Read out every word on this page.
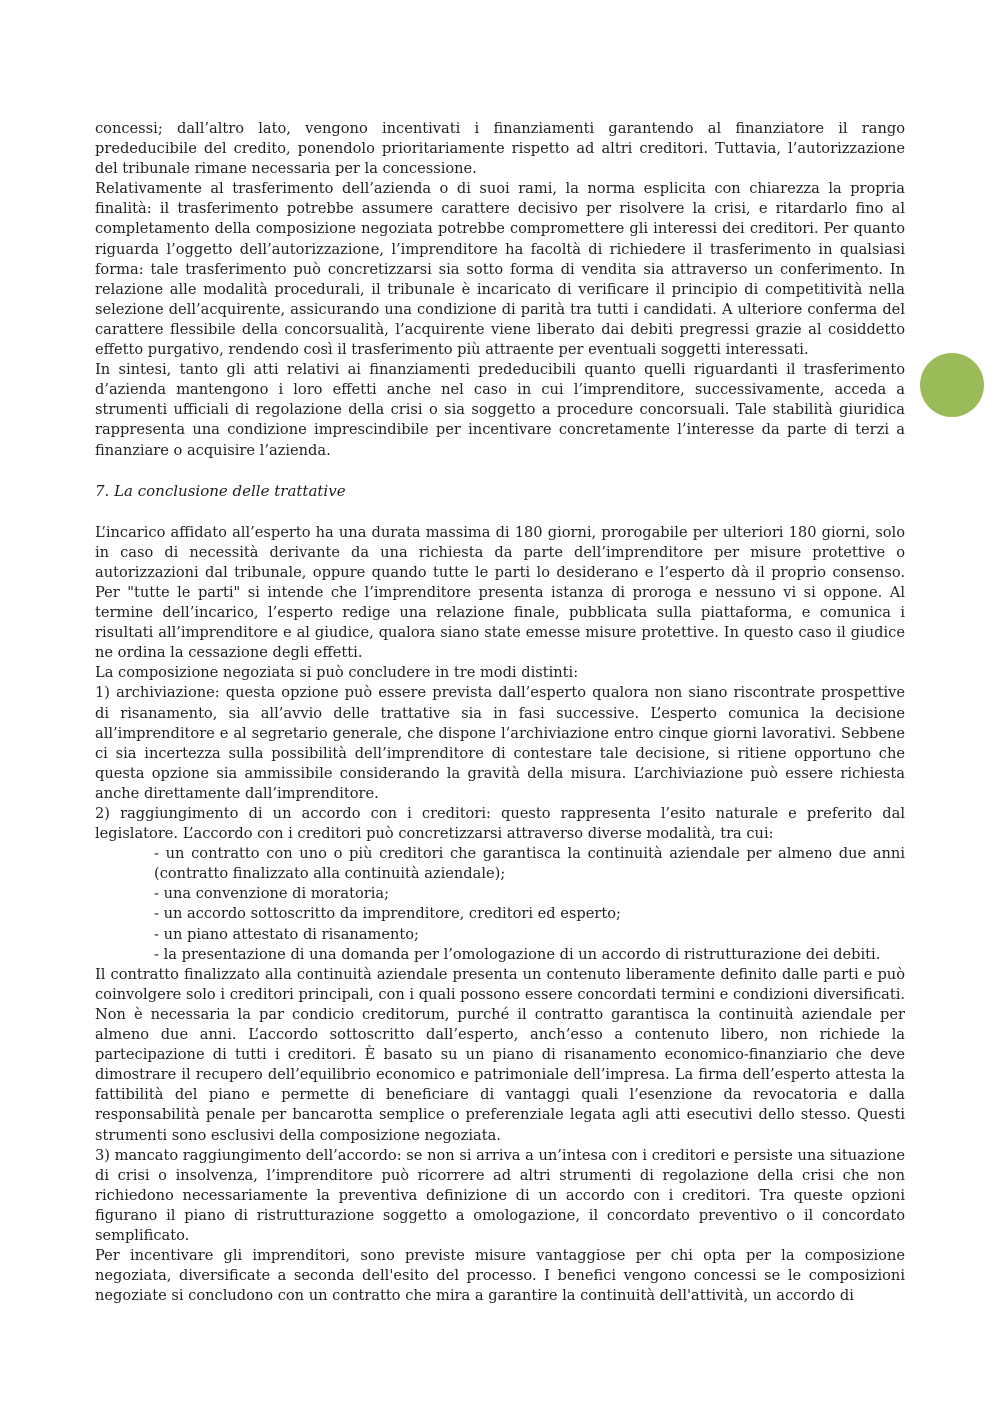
concessi; dall’altro lato, vengono incentivati i finanziamenti garantendo al finanziatore il rango prededucibile del credito, ponendolo prioritariamente rispetto ad altri creditori. Tuttavia, l’autorizzazione del tribunale rimane necessaria per la concessione.

Relativamente al trasferimento dell’azienda o di suoi rami, la norma esplicita con chiarezza la propria finalità: il trasferimento potrebbe assumere carattere decisivo per risolvere la crisi, e ritardarlo fino al completamento della composizione negoziata potrebbe compromettere gli interessi dei creditori. Per quanto riguarda l’oggetto dell’autorizzazione, l’imprenditore ha facoltà di richiedere il trasferimento in qualsiasi forma: tale trasferimento può concretizzarsi sia sotto forma di vendita sia attraverso un conferimento. In relazione alle modalità procedurali, il tribunale è incaricato di verificare il principio di competitività nella selezione dell’acquirente, assicurando una condizione di parità tra tutti i candidati. A ulteriore conferma del carattere flessibile della concorsualità, l’acquirente viene liberato dai debiti pregressi grazie al cosiddetto effetto purgativo, rendendo così il trasferimento più attraente per eventuali soggetti interessati.

In sintesi, tanto gli atti relativi ai finanziamenti prededucibili quanto quelli riguardanti il trasferimento d’azienda mantengono i loro effetti anche nel caso in cui l’imprenditore, successivamente, acceda a strumenti ufficiali di regolazione della crisi o sia soggetto a procedure concorsuali. Tale stabilità giuridica rappresenta una condizione imprescindibile per incentivare concretamente l’interesse da parte di terzi a finanziare o acquisire l’azienda.

7. La conclusione delle trattative

L’incarico affidato all’esperto ha una durata massima di 180 giorni, prorogabile per ulteriori 180 giorni, solo in caso di necessità derivante da una richiesta da parte dell’imprenditore per misure protettive o autorizzazioni dal tribunale, oppure quando tutte le parti lo desiderano e l’esperto dà il proprio consenso. Per "tutte le parti" si intende che l’imprenditore presenta istanza di proroga e nessuno vi si oppone. Al termine dell’incarico, l’esperto redige una relazione finale, pubblicata sulla piattaforma, e comunica i risultati all’imprenditore e al giudice, qualora siano state emesse misure protettive. In questo caso il giudice ne ordina la cessazione degli effetti.

La composizione negoziata si può concludere in tre modi distinti:

1) archiviazione: questa opzione può essere prevista dall’esperto qualora non siano riscontrate prospettive di risanamento, sia all’avvio delle trattative sia in fasi successive. L’esperto comunica la decisione all’imprenditore e al segretario generale, che dispone l’archiviazione entro cinque giorni lavorativi. Sebbene ci sia incertezza sulla possibilità dell’imprenditore di contestare tale decisione, si ritiene opportuno che questa opzione sia ammissibile considerando la gravità della misura. L’archiviazione può essere richiesta anche direttamente dall’imprenditore.

2) raggiungimento di un accordo con i creditori: questo rappresenta l’esito naturale e preferito dal legislatore. L’accordo con i creditori può concretizzarsi attraverso diverse modalità, tra cui:

- un contratto con uno o più creditori che garantisca la continuità aziendale per almeno due anni (contratto finalizzato alla continuità aziendale);
- una convenzione di moratoria;
- un accordo sottoscritto da imprenditore, creditori ed esperto;
- un piano attestato di risanamento;
- la presentazione di una domanda per l’omologazione di un accordo di ristrutturazione dei debiti.

Il contratto finalizzato alla continuità aziendale presenta un contenuto liberamente definito dalle parti e può coinvolgere solo i creditori principali, con i quali possono essere concordati termini e condizioni diversificati. Non è necessaria la par condicio creditorum, purché il contratto garantisca la continuità aziendale per almeno due anni. L’accordo sottoscritto dall’esperto, anch’esso a contenuto libero, non richiede la partecipazione di tutti i creditori. È basato su un piano di risanamento economico-finanziario che deve dimostrare il recupero dell’equilibrio economico e patrimoniale dell’impresa. La firma dell’esperto attesta la fattibilità del piano e permette di beneficiare di vantaggi quali l’esenzione da revocatoria e dalla responsabilità penale per bancarotta semplice o preferenziale legata agli atti esecutivi dello stesso. Questi strumenti sono esclusivi della composizione negoziata.

3) mancato raggiungimento dell’accordo: se non si arriva a un’intesa con i creditori e persiste una situazione di crisi o insolvenza, l’imprenditore può ricorrere ad altri strumenti di regolazione della crisi che non richiedono necessariamente la preventiva definizione di un accordo con i creditori. Tra queste opzioni figurano il piano di ristrutturazione soggetto a omologazione, il concordato preventivo o il concordato semplificato.

Per incentivare gli imprenditori, sono previste misure vantaggiose per chi opta per la composizione negoziata, diversificate a seconda dell'esito del processo. I benefici vengono concessi se le composizioni negoziate si concludono con un contratto che mira a garantire la continuità dell'attività, un accordo di
